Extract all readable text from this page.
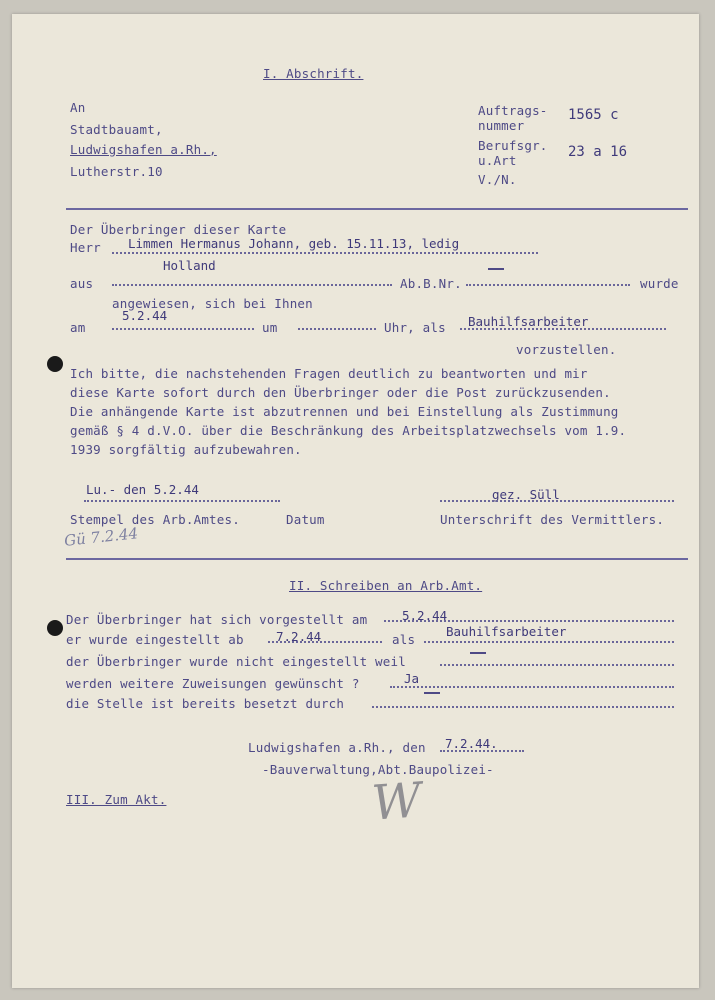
I. Abschrift.
An
Stadtbauamt,
Ludwigshafen a.Rh.,
Lutherstr.10
Auftrags-
nummer
1565 c
Berufsgr.
u.Art
23 a 16
V./N.
Der Überbringer dieser Karte
Herr Limmen Hermanus Johann, geb. 15.11.13, ledig
aus
Holland
Ab.B.Nr.	wurde
angewiesen, sich bei Ihnen
am
5.2.44
um	Uhr, als Bauhilfsarbeiter
vorzustellen.
Ich bitte, die nachstehenden Fragen deutlich zu beantworten und mir
diese Karte sofort durch den Überbringer oder die Post zurückzusenden.
Die anhängende Karte ist abzutrennen und bei Einstellung als Zustimmung
gemäß § 4 d.V.O. über die Beschränkung des Arbeitsplatzwechsels vom 1.9.
1939 sorgfältig aufzubewahren.
Lu.- den 5.2.44	gez. Süll
Stempel des Arb.Amtes.	Datum	Unterschrift des Vermittlers.
Gü 7.2.44
II. Schreiben an Arb.Amt.
Der Überbringer hat sich vorgestellt am	5.2.44
er wurde eingestellt ab	7.2.44	als
Bauhilfsarbeiter
der Überbringer wurde nicht eingestellt weil
werden weitere Zuweisungen gewünscht ?	Ja
die Stelle ist bereits besetzt durch
Ludwigshafen a.Rh., den 7.2.44.
-Bauverwaltung,Abt.Baupolizei-
III. Zum Akt.	W
